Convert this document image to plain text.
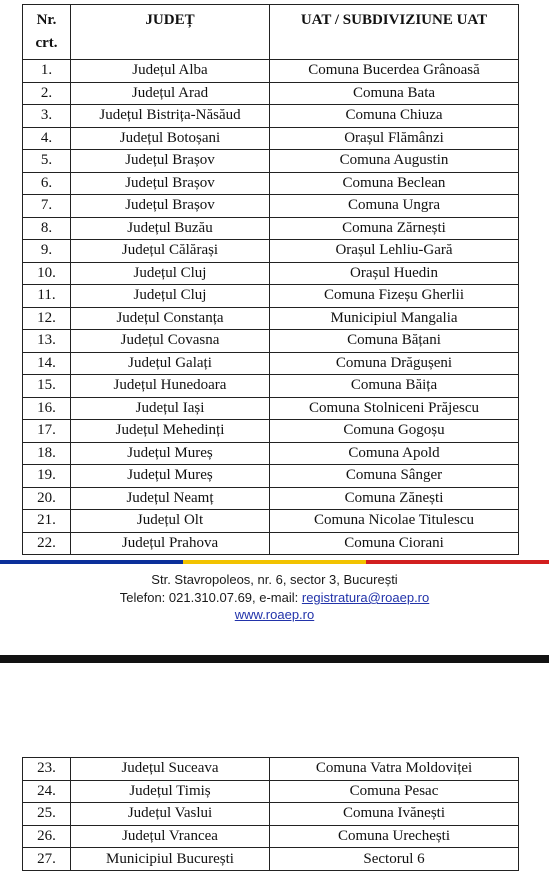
Nr.
crt.	JUDEȚ	UAT / SUBDIVIZIUNE UAT
1.	Județul Alba	Comuna Bucerdea Grânoasă
2.	Județul Arad	Comuna Bata
3.	Județul Bistrița-Năsăud	Comuna Chiuza
4.	Județul Botoșani	Orașul Flămânzi
5.	Județul Brașov	Comuna Augustin
6.	Județul Brașov	Comuna Beclean
7.	Județul Brașov	Comuna Ungra
8.	Județul Buzău	Comuna Zărnești
9.	Județul Călărași	Orașul Lehliu-Gară
10.	Județul Cluj	Orașul Huedin
11.	Județul Cluj	Comuna Fizeșu Gherlii
12.	Județul Constanța	Municipiul Mangalia
13.	Județul Covasna	Comuna Bățani
14.	Județul Galați	Comuna Drăgușeni
15.	Județul Hunedoara	Comuna Băița
16.	Județul Iași	Comuna Stolniceni Prăjescu
17.	Județul Mehedinți	Comuna Gogoșu
18.	Județul Mureș	Comuna Apold
19.	Județul Mureș	Comuna Sânger
20.	Județul Neamț	Comuna Zănești
21.	Județul Olt	Comuna Nicolae Titulescu
22.	Județul Prahova	Comuna Ciorani
Str. Stavropoleos, nr. 6, sector 3, București
Telefon: 021.310.07.69, e-mail: registratura@roaep.ro
www.roaep.ro
23.	Județul Suceava	Comuna Vatra Moldoviței
24.	Județul Timiș	Comuna Pesac
25.	Județul Vaslui	Comuna Ivănești
26.	Județul Vrancea	Comuna Urechești
27.	Municipiul București	Sectorul 6
